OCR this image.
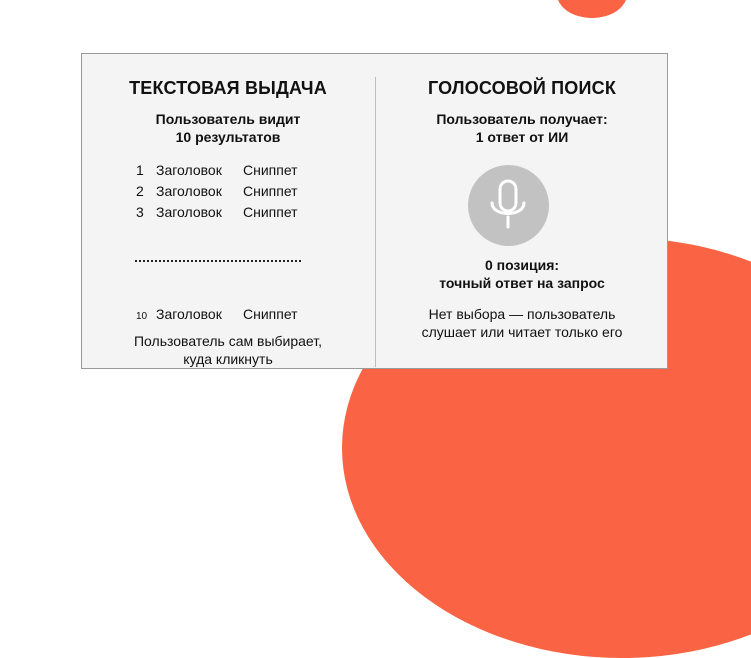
ТЕКСТОВАЯ ВЫДАЧА
Пользователь видит
10 результатов
1 Заголовок Сниппет
2 Заголовок Сниппет
3 Заголовок Сниппет
10 Заголовок Сниппет
Пользователь сам выбирает,
куда кликнуть
ГОЛОСОВОЙ ПОИСК
Пользователь получает:
1 ответ от ИИ
0 позиция:
точный ответ на запрос
Нет выбора — пользователь
слушает или читает только его
